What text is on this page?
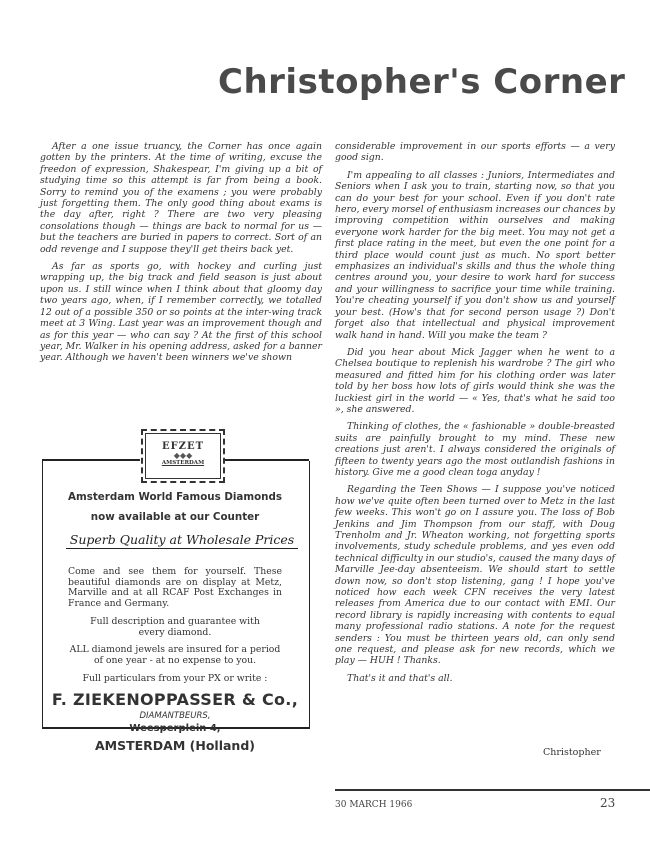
Christopher's Corner

After a one issue truancy, the Corner has once again gotten by the printers. At the time of writing, excuse the freedon of expression, Shakespear, I'm giving up a bit of studying time so this attempt is far from being a book. Sorry to remind you of the examens ; you were probably just forgetting them. The only good thing about exams is the day after, right ? There are two very pleasing consolations though — things are back to normal for us — but the teachers are buried in papers to correct. Sort of an odd revenge and I suppose they'll get theirs back yet.

As far as sports go, with hockey and curling just wrapping up, the big track and field season is just about upon us. I still wince when I think about that gloomy day two years ago, when, if I remember correctly, we totalled 12 out of a possible 350 or so points at the inter-wing track meet at 3 Wing. Last year was an improvement though and as for this year — who can say ? At the first of this school year, Mr. Walker in his opening address, asked for a banner year. Although we haven't been winners we've shown

considerable improvement in our sports efforts — a very good sign.

I'm appealing to all classes : Juniors, Intermediates and Seniors when I ask you to train, starting now, so that you can do your best for your school. Even if you don't rate hero, every morsel of enthusiasm increases our chances by improving competition within ourselves and making everyone work harder for the big meet. You may not get a first place rating in the meet, but even the one point for a third place would count just as much. No sport better emphasizes an individual's skills and thus the whole thing centres around you, your desire to work hard for success and your willingness to sacrifice your time while training. You're cheating yourself if you don't show us and yourself your best. (How's that for second person usage ?) Don't forget also that intellectual and physical improvement walk hand in hand. Will you make the team ?

Did you hear about Mick Jagger when he went to a Chelsea boutique to replenish his wardrobe ? The girl who measured and fitted him for his clothing order was later told by her boss how lots of girls would think she was the luckiest girl in the world — « Yes, that's what he said too », she answered.

Thinking of clothes, the « fashionable » double-breasted suits are painfully brought to my mind. These new creations just aren't. I always considered the originals of fifteen to twenty years ago the most outlandish fashions in history. Give me a good clean toga anyday !

Regarding the Teen Shows — I suppose you've noticed how we've quite often been turned over to Metz in the last few weeks. This won't go on I assure you. The loss of Bob Jenkins and Jim Thompson from our staff, with Doug Trenholm and Jr. Wheaton working, not forgetting sports involvements, study schedule problems, and yes even odd technical difficulty in our studio's, caused the many days of Marville Jee-day absenteeism. We should start to settle down now, so don't stop listening, gang ! I hope you've noticed how each week CFN receives the very latest releases from America due to our contact with EMI. Our record library is rapidly increasing with contents to equal many professional radio stations. A note for the request senders : You must be thirteen years old, can only send one request, and please ask for new records, which we play — HUH ! Thanks.

That's it and that's all.

Christopher
EFZET
◆◆◆
AMSTERDAM
Amsterdam World Famous Diamonds
now available at our Counter
Superb Quality at Wholesale Prices
Come and see them for yourself. These beautiful diamonds are on display at Metz, Marville and at all RCAF Post Exchanges in France and Germany.
Full description and guarantee with every diamond.
ALL diamond jewels are insured for a period of one year - at no expense to you.
Full particulars from your PX or write :
F. ZIEKENOPPASSER & Co.,
DIAMANTBEURS,
Weesperplein 4,
AMSTERDAM (Holland)
30 MARCH 1966	23
